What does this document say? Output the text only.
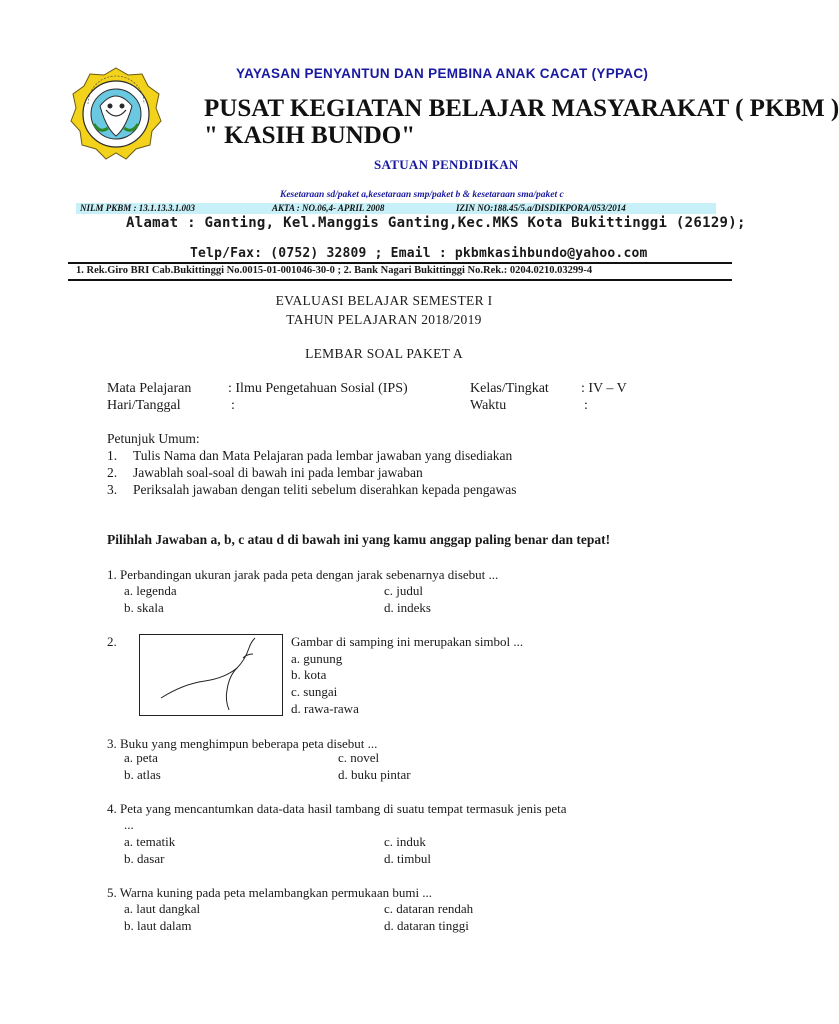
YAYASAN PENYANTUN DAN PEMBINA ANAK CACAT (YPPAC)
PUSAT KEGIATAN BELAJAR MASYARAKAT ( PKBM )
" KASIH BUNDO"
SATUAN PENDIDIKAN
Kesetaraan sd/paket a,kesetaraan smp/paket b & kesetaraan sma/paket c
NILM PKBM : 13.1.13.3.1.003	AKTA : NO.06,4- APRIL 2008	IZIN NO:188.45/5.a/DISDIKPORA/053/2014
Alamat : Ganting, Kel.Manggis Ganting,Kec.MKS Kota Bukittinggi (26129);
Telp/Fax: (0752) 32809 ; Email : pkbmkasihbundo@yahoo.com
1. Rek.Giro BRI Cab.Bukittinggi No.0015-01-001046-30-0 ; 2. Bank Nagari Bukittinggi No.Rek.: 0204.0210.03299-4
EVALUASI BELAJAR SEMESTER I
TAHUN PELAJARAN 2018/2019
LEMBAR SOAL PAKET A
Mata Pelajaran	: Ilmu Pengetahuan Sosial (IPS)	Kelas/Tingkat : IV – V
Hari/Tanggal	:	Waktu	:
Petunjuk Umum:
1. Tulis Nama dan Mata Pelajaran pada lembar jawaban yang disediakan
2. Jawablah soal-soal di bawah ini pada lembar jawaban
3. Periksalah jawaban dengan teliti sebelum diserahkan kepada pengawas
Pilihlah Jawaban a, b, c atau d di bawah ini yang kamu anggap paling benar dan tepat!
1. Perbandingan ukuran jarak pada peta dengan jarak sebenarnya disebut ...
a. legenda	c. judul
b. skala	d. indeks
2.	Gambar di samping ini merupakan simbol ...
a. gunung
b. kota
c. sungai
d. rawa-rawa
3. Buku yang menghimpun beberapa peta disebut ...
a. peta	c. novel
b. atlas	d. buku pintar
4. Peta yang mencantumkan data-data hasil tambang di suatu tempat termasuk jenis peta
...
a. tematik	c. induk
b. dasar	d. timbul
5. Warna kuning pada peta melambangkan permukaan bumi ...
a. laut dangkal	c. dataran rendah
b. laut dalam	d. dataran tinggi
